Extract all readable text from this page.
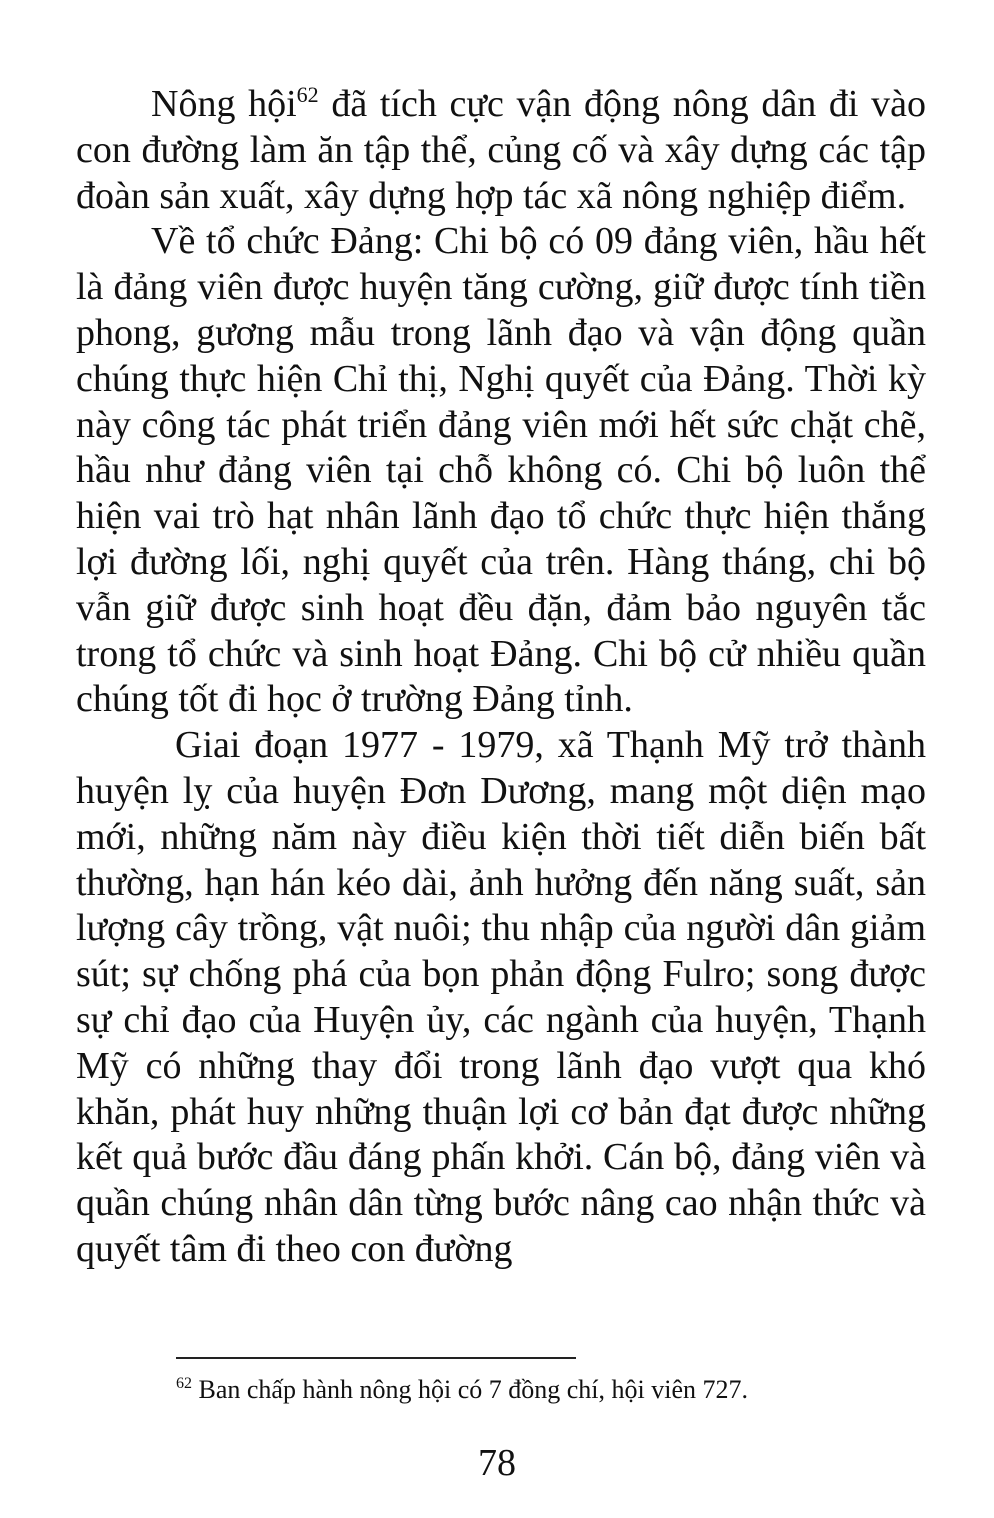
Nông hội$^{62}$ đã tích cực vận động nông dân đi vào con đường làm ăn tập thể, củng cố và xây dựng các tập đoàn sản xuất, xây dựng hợp tác xã nông nghiệp điểm.

Về tổ chức Đảng: Chi bộ có 09 đảng viên, hầu hết là đảng viên được huyện tăng cường, giữ được tính tiền phong, gương mẫu trong lãnh đạo và vận động quần chúng thực hiện Chỉ thị, Nghị quyết của Đảng. Thời kỳ này công tác phát triển đảng viên mới hết sức chặt chẽ, hầu như đảng viên tại chỗ không có. Chi bộ luôn thể hiện vai trò hạt nhân lãnh đạo tổ chức thực hiện thắng lợi đường lối, nghị quyết của trên. Hàng tháng, chi bộ vẫn giữ được sinh hoạt đều đặn, đảm bảo nguyên tắc trong tổ chức và sinh hoạt Đảng. Chi bộ cử nhiều quần chúng tốt đi học ở trường Đảng tỉnh.

Giai đoạn 1977 - 1979, xã Thạnh Mỹ trở thành huyện lỵ của huyện Đơn Dương, mang một diện mạo mới, những năm này điều kiện thời tiết diễn biến bất thường, hạn hán kéo dài, ảnh hưởng đến năng suất, sản lượng cây trồng, vật nuôi; thu nhập của người dân giảm sút; sự chống phá của bọn phản động Fulro; song được sự chỉ đạo của Huyện ủy, các ngành của huyện, Thạnh Mỹ có những thay đổi trong lãnh đạo vượt qua khó khăn, phát huy những thuận lợi cơ bản đạt được những kết quả bước đầu đáng phấn khởi. Cán bộ, đảng viên và quần chúng nhân dân từng bước nâng cao nhận thức và quyết tâm đi theo con đường

$^{62}$ Ban chấp hành nông hội có 7 đồng chí, hội viên 727.
78
